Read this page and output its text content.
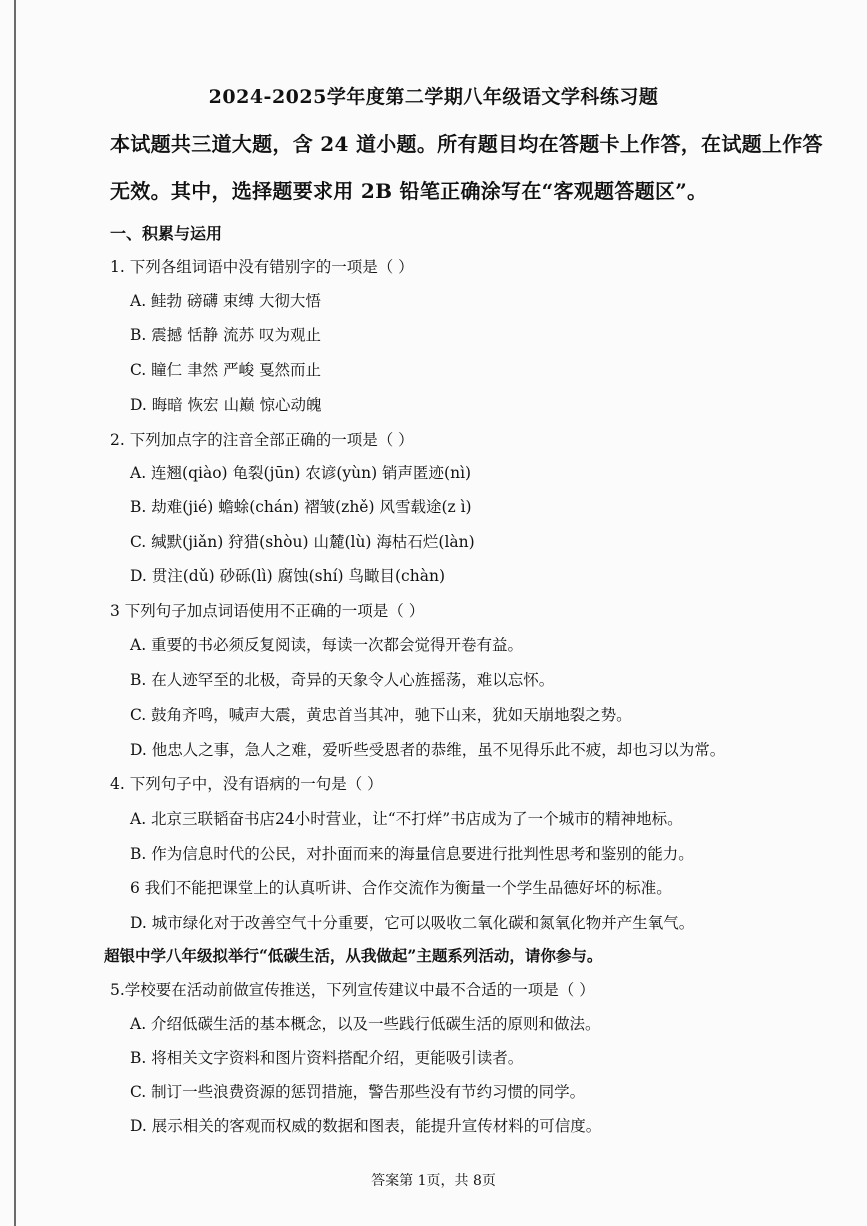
2024-2025学年度第二学期八年级语文学科练习题
本试题共三道大题，含 24 道小题。所有题目均在答题卡上作答，在试题上作答
无效。其中，选择题要求用 2B 铅笔正确涂写在“客观题答题区”。
一、积累与运用
1. 下列各组词语中没有错别字的一项是（ ）
A. 鲑勃 磅礴 束缚 大彻大悟
B. 震撼 恬静 流苏 叹为观止
C. 瞳仁 聿然 严峻 戛然而止
D. 晦暗 恢宏 山巅 惊心动魄
2. 下列加点字的注音全部正确的一项是（ ）
A. 连翘(qiào) 龟裂(jūn) 农谚(yùn) 销声匿迹(nì)
B. 劫难(jié) 蟾蜍(chán) 褶皱(zhě) 风雪载途(z ì)
C. 缄默(jiǎn) 狩猎(shòu) 山麓(lù) 海枯石烂(làn)
D. 贯注(dǔ) 砂砾(lì) 腐蚀(shí) 鸟瞰目(chàn)
3 下列句子加点词语使用不正确的一项是（ ）
A. 重要的书必须反复阅读，每读一次都会觉得开卷有益。
B. 在人迹罕至的北极，奇异的天象令人心旌摇荡，难以忘怀。
C. 鼓角齐鸣，喊声大震，黄忠首当其冲，驰下山来，犹如天崩地裂之势。
D. 他忠人之事，急人之难，爱听些受恩者的恭维，虽不见得乐此不疲，却也习以为常。
4. 下列句子中，没有语病的一句是（ ）
A. 北京三联韬奋书店24小时营业，让“不打烊”书店成为了一个城市的精神地标。
B. 作为信息时代的公民，对扑面而来的海量信息要进行批判性思考和鉴别的能力。
6 我们不能把课堂上的认真听讲、合作交流作为衡量一个学生品德好坏的标准。
D. 城市绿化对于改善空气十分重要，它可以吸收二氧化碳和氮氧化物并产生氧气。
超银中学八年级拟举行“低碳生活，从我做起”主题系列活动，请你参与。
5.学校要在活动前做宣传推送，下列宣传建议中最不合适的一项是（ ）
A. 介绍低碳生活的基本概念，以及一些践行低碳生活的原则和做法。
B. 将相关文字资料和图片资料搭配介绍，更能吸引读者。
C. 制订一些浪费资源的惩罚措施，警告那些没有节约习惯的同学。
D. 展示相关的客观而权威的数据和图表，能提升宣传材料的可信度。
答案第 1页，共 8页
